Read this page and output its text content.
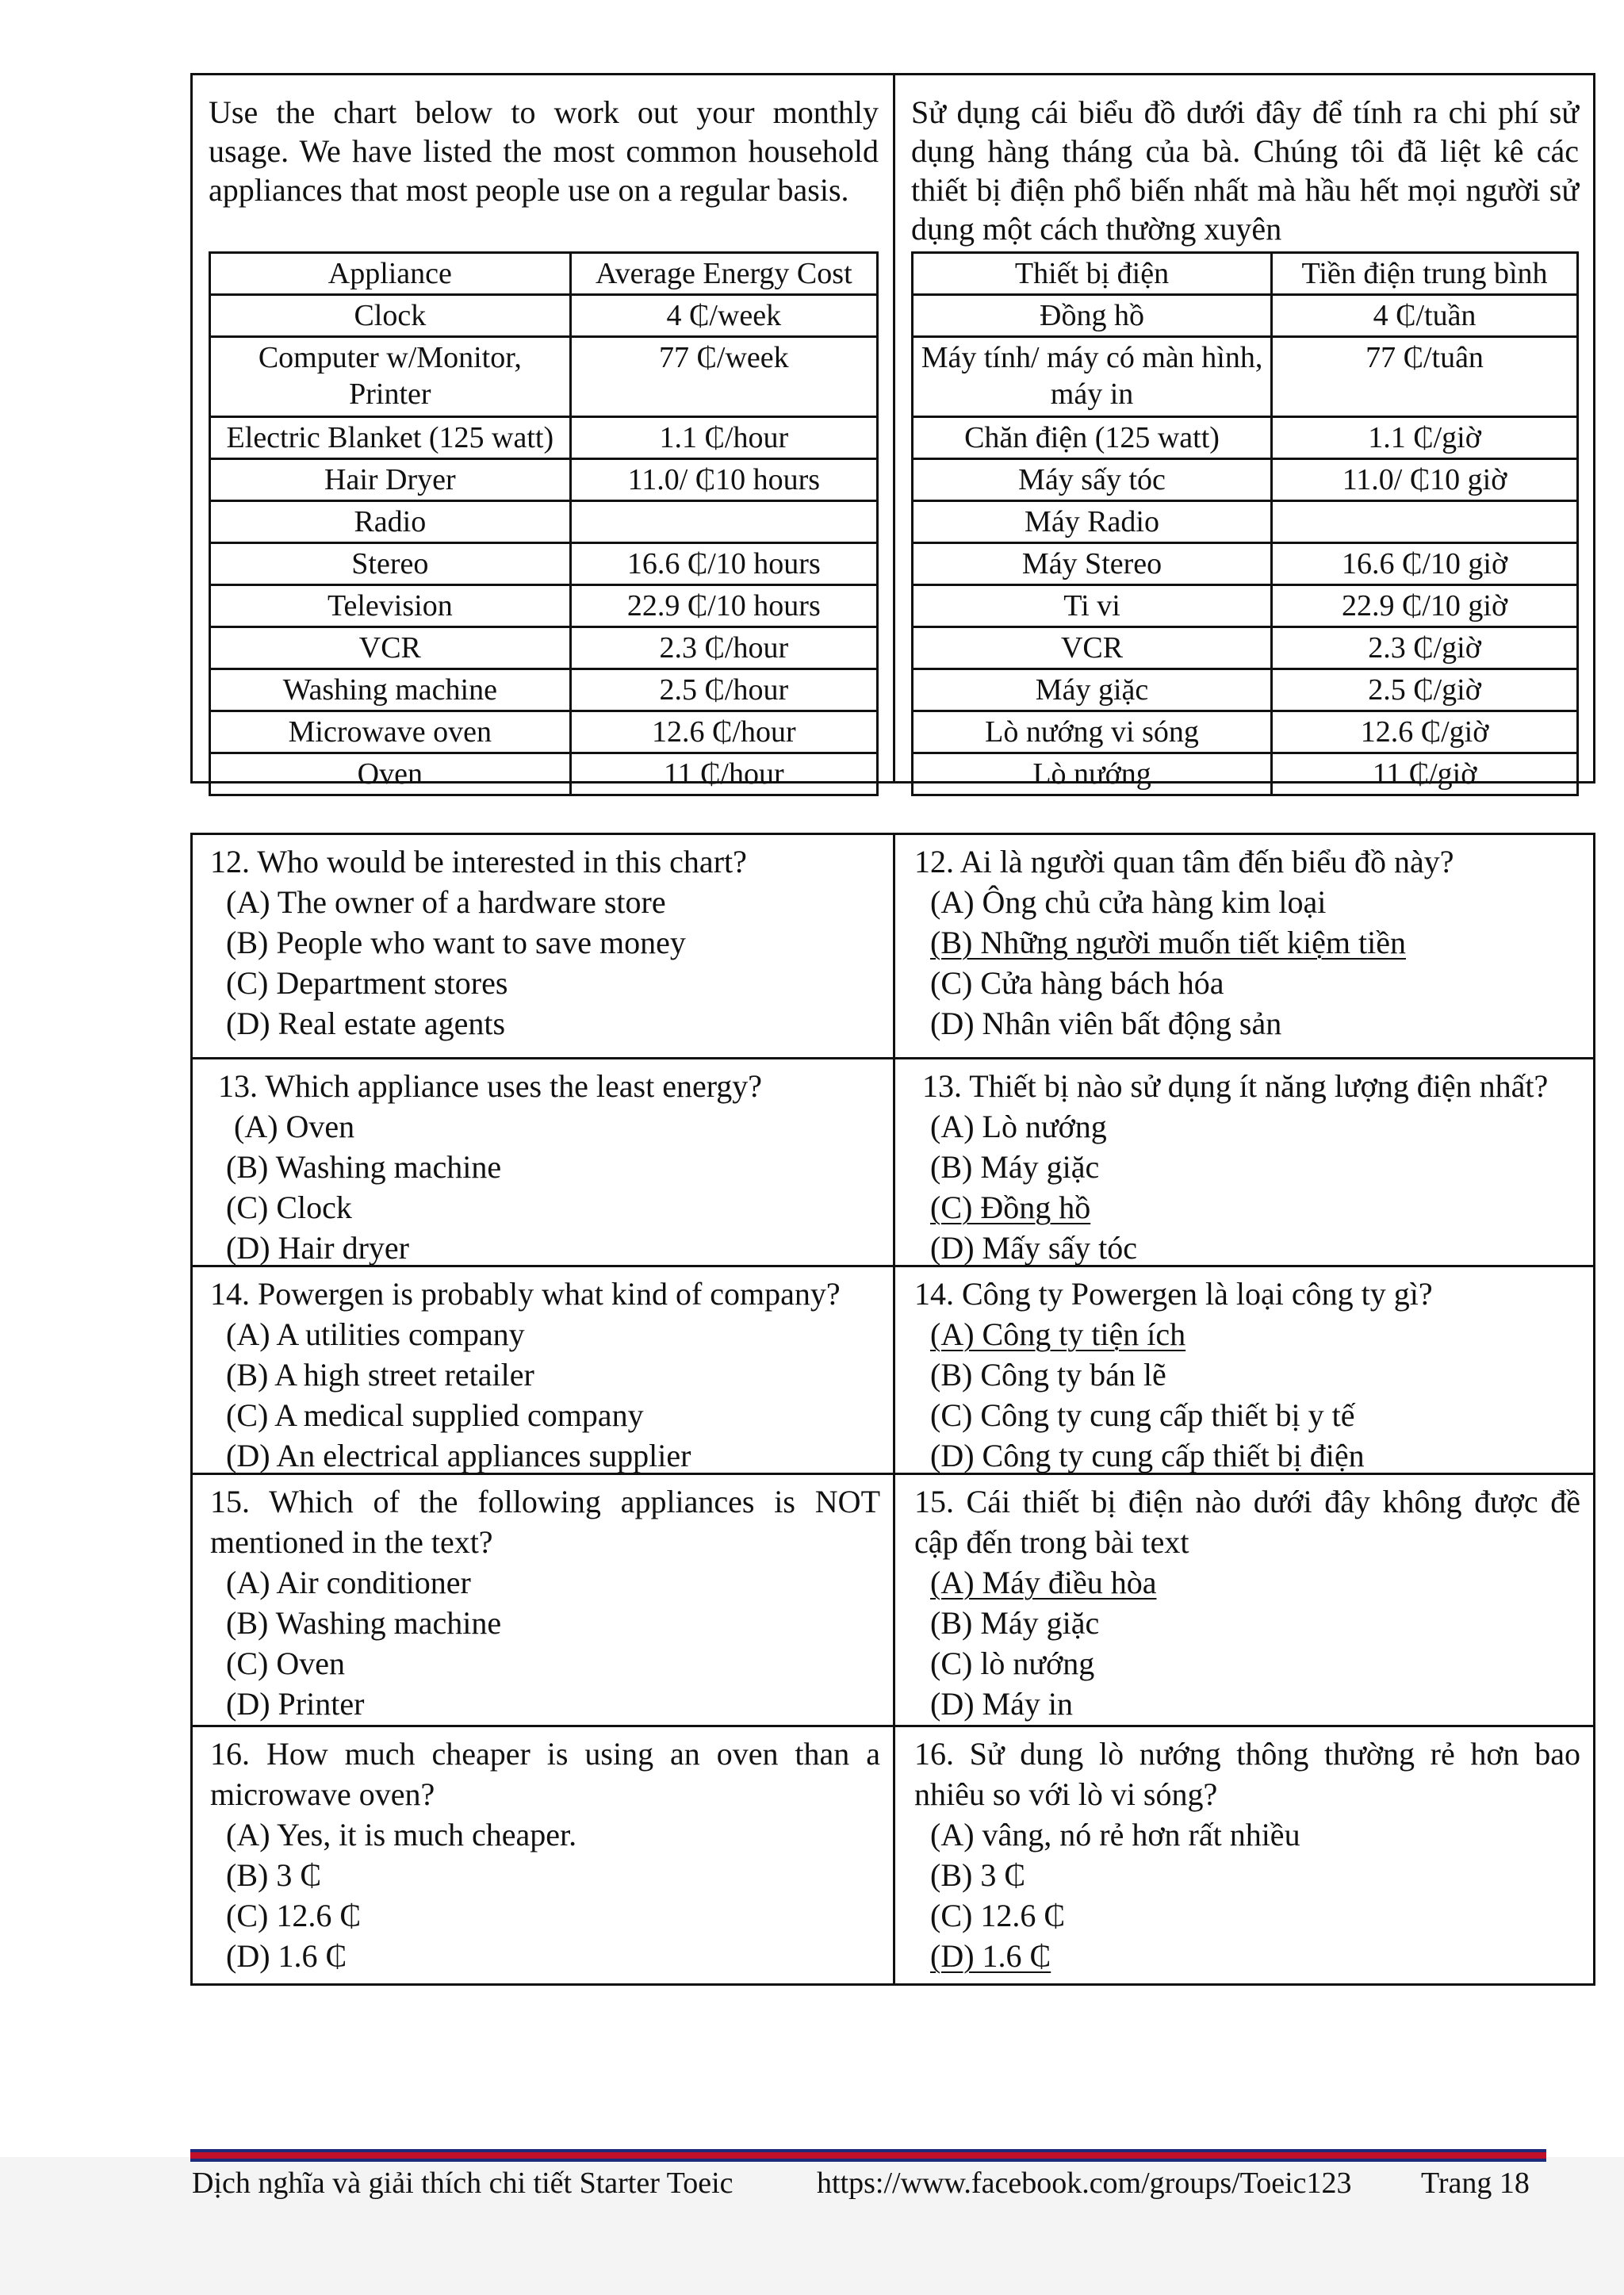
Use the chart below to work out your monthly usage. We have listed the most common household appliances that most people use on a regular basis.

Appliance	Average Energy Cost
Clock	4 ₵/week
Computer w/Monitor, Printer	77 ₵/week
Electric Blanket (125 watt)	1.1 ₵/hour
Hair Dryer	11.0/ ₵10 hours
Radio	
Stereo	16.6 ₵/10 hours
Television	22.9 ₵/10 hours
VCR	2.3 ₵/hour
Washing machine	2.5 ₵/hour
Microwave oven	12.6 ₵/hour
Oven	11 ₵/hour

Sử dụng cái biểu đồ dưới đây để tính ra chi phí sử dụng hàng tháng của bà. Chúng tôi đã liệt kê các thiết bị điện phổ biến nhất mà hầu hết mọi người sử dụng một cách thường xuyên

Thiết bị điện	Tiền điện trung bình
Đồng hồ	4 ₵/tuần
Máy tính/ máy có màn hình, máy in	77 ₵/tuân
Chăn điện (125 watt)	1.1 ₵/giờ
Máy sấy tóc	11.0/ ₵10 giờ
Máy Radio	
Máy Stereo	16.6 ₵/10 giờ
Ti vi	22.9 ₵/10 giờ
VCR	2.3 ₵/giờ
Máy giặc	2.5 ₵/giờ
Lò nướng vi sóng	12.6 ₵/giờ
Lò nướng	11 ₵/giờ
12. Who would be interested in this chart?
(A) The owner of a hardware store
(B) People who want to save money
(C) Department stores
(D) Real estate agents
12. Ai là người quan tâm đến biểu đồ này?
(A) Ông chủ cửa hàng kim loại
(B) Những người muốn tiết kiệm tiền
(C) Cửa hàng bách hóa
(D) Nhân viên bất động sản
13. Which appliance uses the least energy?
(A) Oven
(B) Washing machine
(C) Clock
(D) Hair dryer
13. Thiết bị nào sử dụng ít năng lượng điện nhất?
(A) Lò nướng
(B) Máy giặc
(C) Đồng hồ
(D) Mấy sấy tóc
14. Powergen is probably what kind of company?
(A) A utilities company
(B) A high street retailer
(C) A medical supplied company
(D) An electrical appliances supplier
14. Công ty Powergen là loại công ty gì?
(A) Công ty tiện ích
(B) Công ty bán lẽ
(C) Công ty cung cấp thiết bị y tế
(D) Công ty cung cấp thiết bị điện
15. Which of the following appliances is NOT mentioned in the text?
(A) Air conditioner
(B) Washing machine
(C) Oven
(D) Printer
15. Cái thiết bị điện nào dưới đây không được đề cập đến trong bài text
(A) Máy điều hòa
(B) Máy giặc
(C) lò nướng
(D) Máy in
16. How much cheaper is using an oven than a microwave oven?
(A) Yes, it is much cheaper.
(B) 3 ₵
(C) 12.6 ₵
(D) 1.6 ₵
16. Sử dung lò nướng thông thường rẻ hơn bao nhiêu so với lò vi sóng?
(A) vâng, nó rẻ hơn rất nhiều
(B) 3 ₵
(C) 12.6 ₵
(D) 1.6 ₵
Dịch nghĩa và giải thích chi tiết Starter Toeic	https://www.facebook.com/groups/Toeic123 Trang 18
